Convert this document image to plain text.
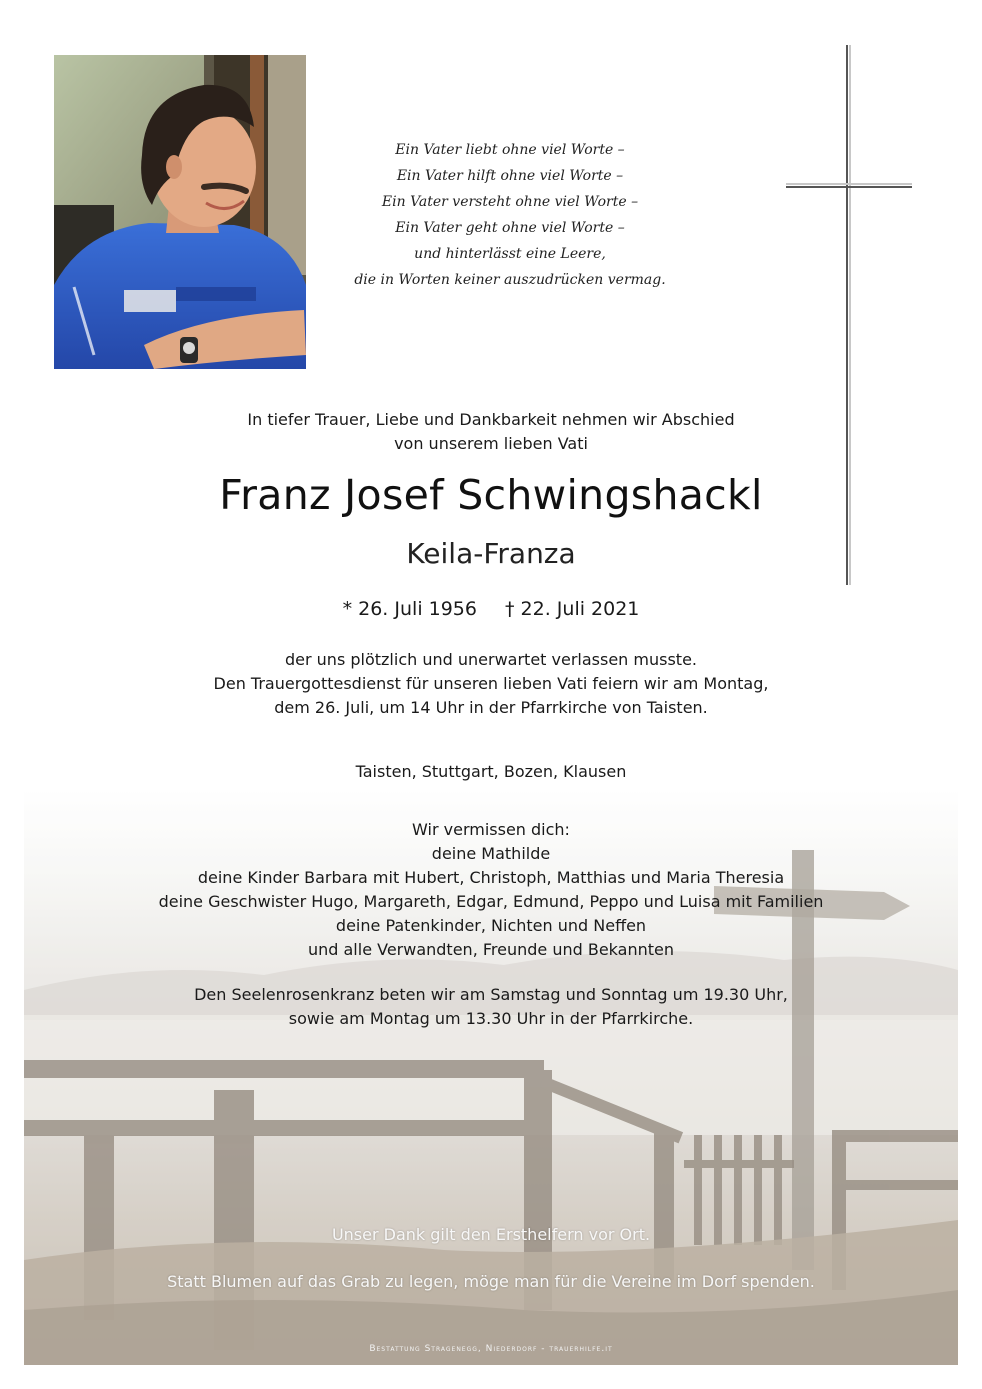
Ein Vater liebt ohne viel Worte –
Ein Vater hilft ohne viel Worte –
Ein Vater versteht ohne viel Worte –
Ein Vater geht ohne viel Worte –
und hinterlässt eine Leere,
die in Worten keiner auszudrücken vermag.
In tiefer Trauer, Liebe und Dankbarkeit nehmen wir Abschied
von unserem lieben Vati
Franz Josef Schwingshackl
Keila-Franza
* 26. Juli 1956 † 22. Juli 2021
der uns plötzlich und unerwartet verlassen musste.
Den Trauergottesdienst für unseren lieben Vati feiern wir am Montag,
dem 26. Juli, um 14 Uhr in der Pfarrkirche von Taisten.
Taisten, Stuttgart, Bozen, Klausen
Wir vermissen dich:
deine Mathilde
deine Kinder Barbara mit Hubert, Christoph, Matthias und Maria Theresia
deine Geschwister Hugo, Margareth, Edgar, Edmund, Peppo und Luisa mit Familien
deine Patenkinder, Nichten und Neffen
und alle Verwandten, Freunde und Bekannten
Den Seelenrosenkranz beten wir am Samstag und Sonntag um 19.30 Uhr,
sowie am Montag um 13.30 Uhr in der Pfarrkirche.
Unser Dank gilt den Ersthelfern vor Ort.
Statt Blumen auf das Grab zu legen, möge man für die Vereine im Dorf spenden.
Bestattung Stragenegg, Niederdorf - trauerhilfe.it
